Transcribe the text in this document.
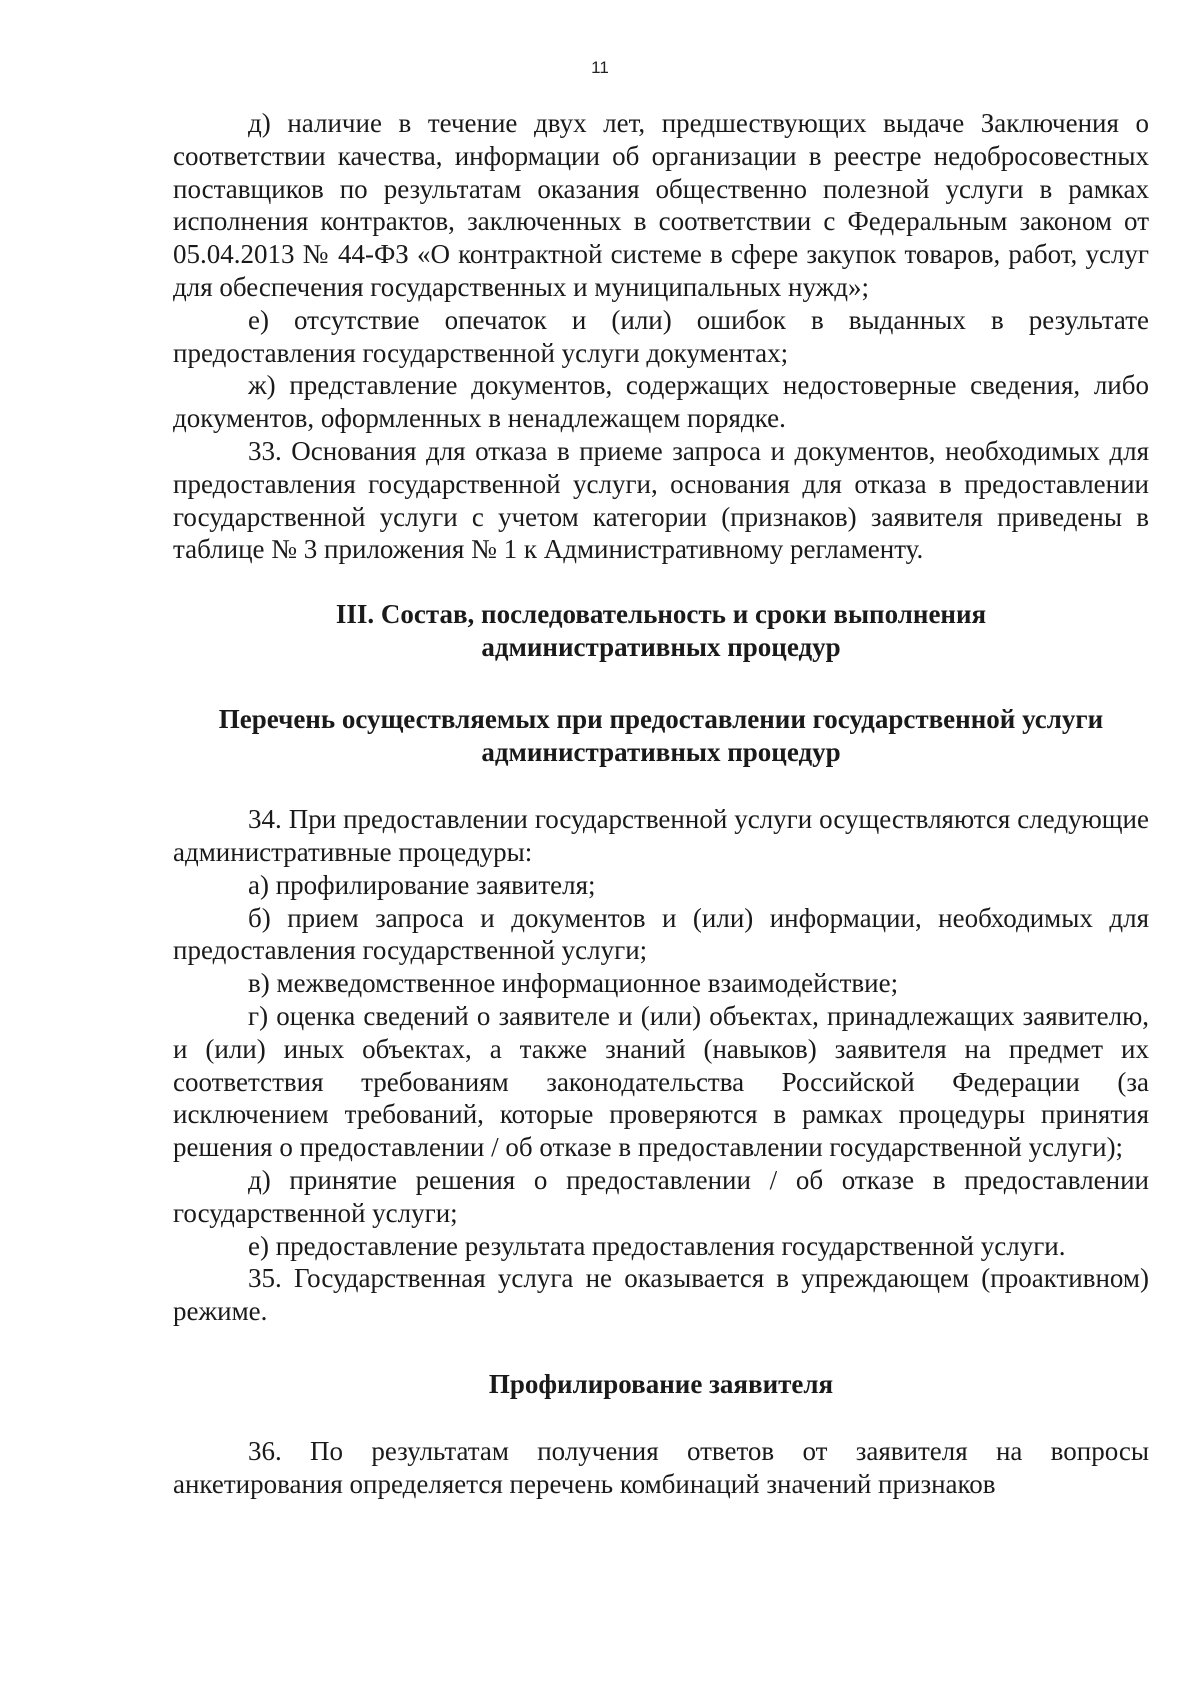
11

д) наличие в течение двух лет, предшествующих выдаче Заключения о соответствии качества, информации об организации в реестре недобросовестных поставщиков по результатам оказания общественно полезной услуги в рамках исполнения контрактов, заключенных в соответствии с Федеральным законом от 05.04.2013 № 44-ФЗ «О контрактной системе в сфере закупок товаров, работ, услуг для обеспечения государственных и муниципальных нужд»;

е) отсутствие опечаток и (или) ошибок в выданных в результате предоставления государственной услуги документах;

ж) представление документов, содержащих недостоверные сведения, либо документов, оформленных в ненадлежащем порядке.

33. Основания для отказа в приеме запроса и документов, необходимых для предоставления государственной услуги, основания для отказа в предоставлении государственной услуги с учетом категории (признаков) заявителя приведены в таблице № 3 приложения № 1 к Административному регламенту.

III. Состав, последовательность и сроки выполнения
административных процедур
Перечень осуществляемых при предоставлении государственной услуги
административных процедур

34. При предоставлении государственной услуги осуществляются следующие административные процедуры:

а) профилирование заявителя;

б) прием запроса и документов и (или) информации, необходимых для предоставления государственной услуги;

в) межведомственное информационное взаимодействие;

г) оценка сведений о заявителе и (или) объектах, принадлежащих заявителю, и (или) иных объектах, а также знаний (навыков) заявителя на предмет их соответствия требованиям законодательства Российской Федерации (за исключением требований, которые проверяются в рамках процедуры принятия решения о предоставлении / об отказе в предоставлении государственной услуги);

д) принятие решения о предоставлении / об отказе в предоставлении государственной услуги;

е) предоставление результата предоставления государственной услуги.

35. Государственная услуга не оказывается в упреждающем (проактивном) режиме.

Профилирование заявителя

36. По результатам получения ответов от заявителя на вопросы анкетирования определяется перечень комбинаций значений признаков
